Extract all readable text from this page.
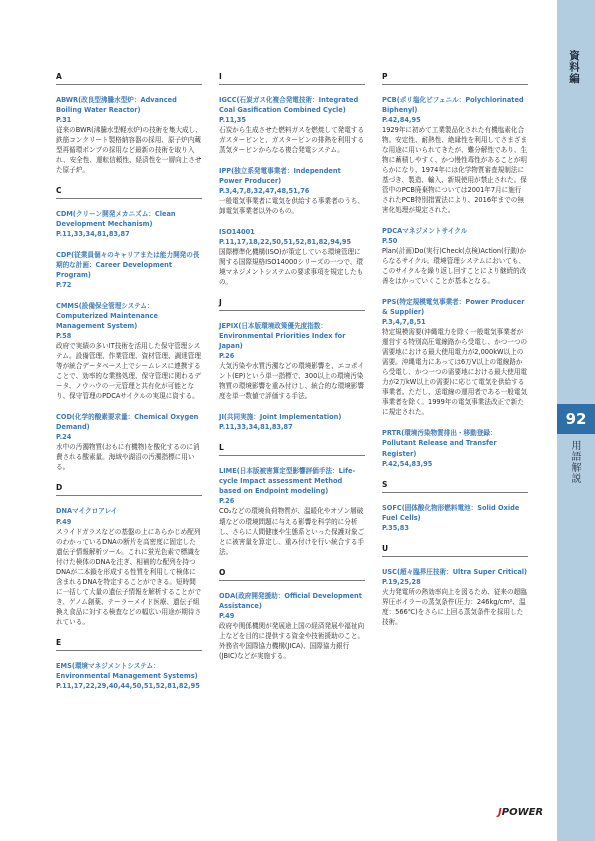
資料編
92
用語解説
A
ABWR(改良型沸騰水型炉：Advanced Boiling Water Reactor)
P.31
従来のBWR(沸騰水型軽水炉)の技術を集大成し、鉄筋コンクリート製格納容器の採用、原子炉内蔵型再循環ポンプの採用など最新の技術を取り入れ、安全性、運転信頼性、経済性を一層向上させた原子炉。
C
CDM(クリーン開発メカニズム：Clean Development Mechanism)
P.11,33,34,81,83,87
CDP(従業員個々のキャリアまたは能力開発の長期的な計画：Career Development Program)
P.72
CMMS(設備保全管理システム：Computerized Maintenance Management System)
P.58
政府で実績の多いIT技術を活用した保守管理システム。設備管理、作業管理、資材管理、調達管理等が統合データベース上でシームレスに連携することで、効率的な業務処理、保守管理に関わるデータ、ノウハウの一元管理と共有化が可能となり、保守管理のPDCAサイクルの実現に資する。
COD(化学的酸素要求量：Chemical Oxygen Demand)
P.24
水中の汚濁物質(おもに有機物)を酸化するのに消費される酸素量。海域や湖沼の汚濁指標に用いる。
D
DNAマイクロアレイ
P.49
スライドガラスなどの基盤の上にあらかじめ配列のわかっているDNAの断片を高密度に固定した遺伝子情報解析ツール。これに蛍光色素で標識を付けた検体のDNAを注ぎ、相補的な配列を持つDNAが二本鎖を形成する性質を利用して検体に含まれるDNAを特定することができる。短時間に一括して大量の遺伝子情報を解析することができ、ゲノム創薬、テーラーメイド医療、遺伝子組換え食品に対する検査などの幅広い用途が期待されている。
E
EMS(環境マネジメントシステム：Environmental Management Systems)
P.11,17,22,29,40,44,50,51,52,81,82,95
I
IGCC(石炭ガス化複合発電技術：Integrated Coal Gasification Combined Cycle)
P.11,35
石炭から生成させた燃料ガスを燃焼して発電するガスタービンと、ガスタービンの排熱を利用する蒸気タービンからなる複合発電システム。
IPP(独立系発電事業者：Independent Power Producer)
P.3,4,7,8,32,47,48,51,76
一般電気事業者に電気を供給する事業者のうち、卸電気事業者以外のもの。
ISO14001
P.11,17,18,22,50,51,52,81,82,94,95
国際標準化機構(ISO)が策定している環境管理に関する国際規格ISO14000シリーズの一つで、環境マネジメントシステムの要求事項を規定したもの。
J
JEPIX(日本版環境政策優先度指数：Environmental Priorities Index for Japan)
P.26
大気汚染や水質汚濁などの環境影響を、エコポイント(EP)という単一指標で、300以上の環境汚染物質の環境影響を重み付けし、統合的な環境影響度を単一数値で評価する手法。
JI(共同実施：Joint Implementation)
P.11,33,34,81,83,87
L
LIME(日本版被害算定型影響評価手法：Life-cycle Impact assessment Method based on Endpoint modeling)
P.26
CO₂などの環境負荷物質が、温暖化やオゾン層破壊などの環境問題に与える影響を科学的に分析し、さらに人間健康や生態系といった保護対象ごとに被害量を算定し、重み付けを行い統合する手法。
O
ODA(政府開発援助：Official Development Assistance)
P.49
政府や関係機関が発展途上国の経済発展や福祉向上などを目的に提供する資金や技術援助のこと。外務省や国際協力機構(JICA)、国際協力銀行(JBIC)などが実施する。
P
PCB(ポリ塩化ビフェニル：Polychlorinated Biphenyl)
P.42,84,95
1929年に初めて工業製品化された有機塩素化合物。安定性、耐熱性、絶縁性を利用してさまざまな用途に用いられてきたが、難分解性であり、生物に蓄積しやすく、かつ慢性毒性があることが明らかになり、1974年には化学物質審査規制法に基づき、製造、輸入、新規使用が禁止された。保管中のPCB廃棄物については2001年7月に施行されたPCB特別措置法により、2016年までの無害化処理が規定された。
PDCAマネジメントサイクル
P.50
Plan(計画)Do(実行)Check(点検)Action(行動)からなるサイクル。環境管理システムにおいても、このサイクルを繰り返し回すことにより継続的改善をはかっていくことが基本となる。
PPS(特定規模電気事業者：Power Producer & Supplier)
P.3,4,7,8,51
特定規模需要(沖縄電力を除く一般電気事業者が運営する特別高圧電線路から受電し、かつ一つの需要地における最大使用電力が2,000kW以上の需要。沖縄電力にあっては6万V以上の電線路から受電し、かつ一つの需要地における最大使用電力が2万kW以上の需要)に応じて電気を供給する事業者。ただし、送電線の運用者である一般電気事業者を除く。1999年の電気事業法改正で新たに規定された。
PRTR(環境汚染物質排出・移動登録：Pollutant Release and Transfer Register)
P.42,54,83,95
S
SOFC(固体酸化物形燃料電池：Solid Oxide Fuel Cells)
P.35,83
U
USC(超々臨界圧技術：Ultra Super Critical)
P.19,25,28
火力発電所の熱効率向上を図るため、従来の超臨界圧ボイラーの蒸気条件(圧力：246kg/cm²、温度：566℃)をさらに上回る蒸気条件を採用した技術。
JPOWER
